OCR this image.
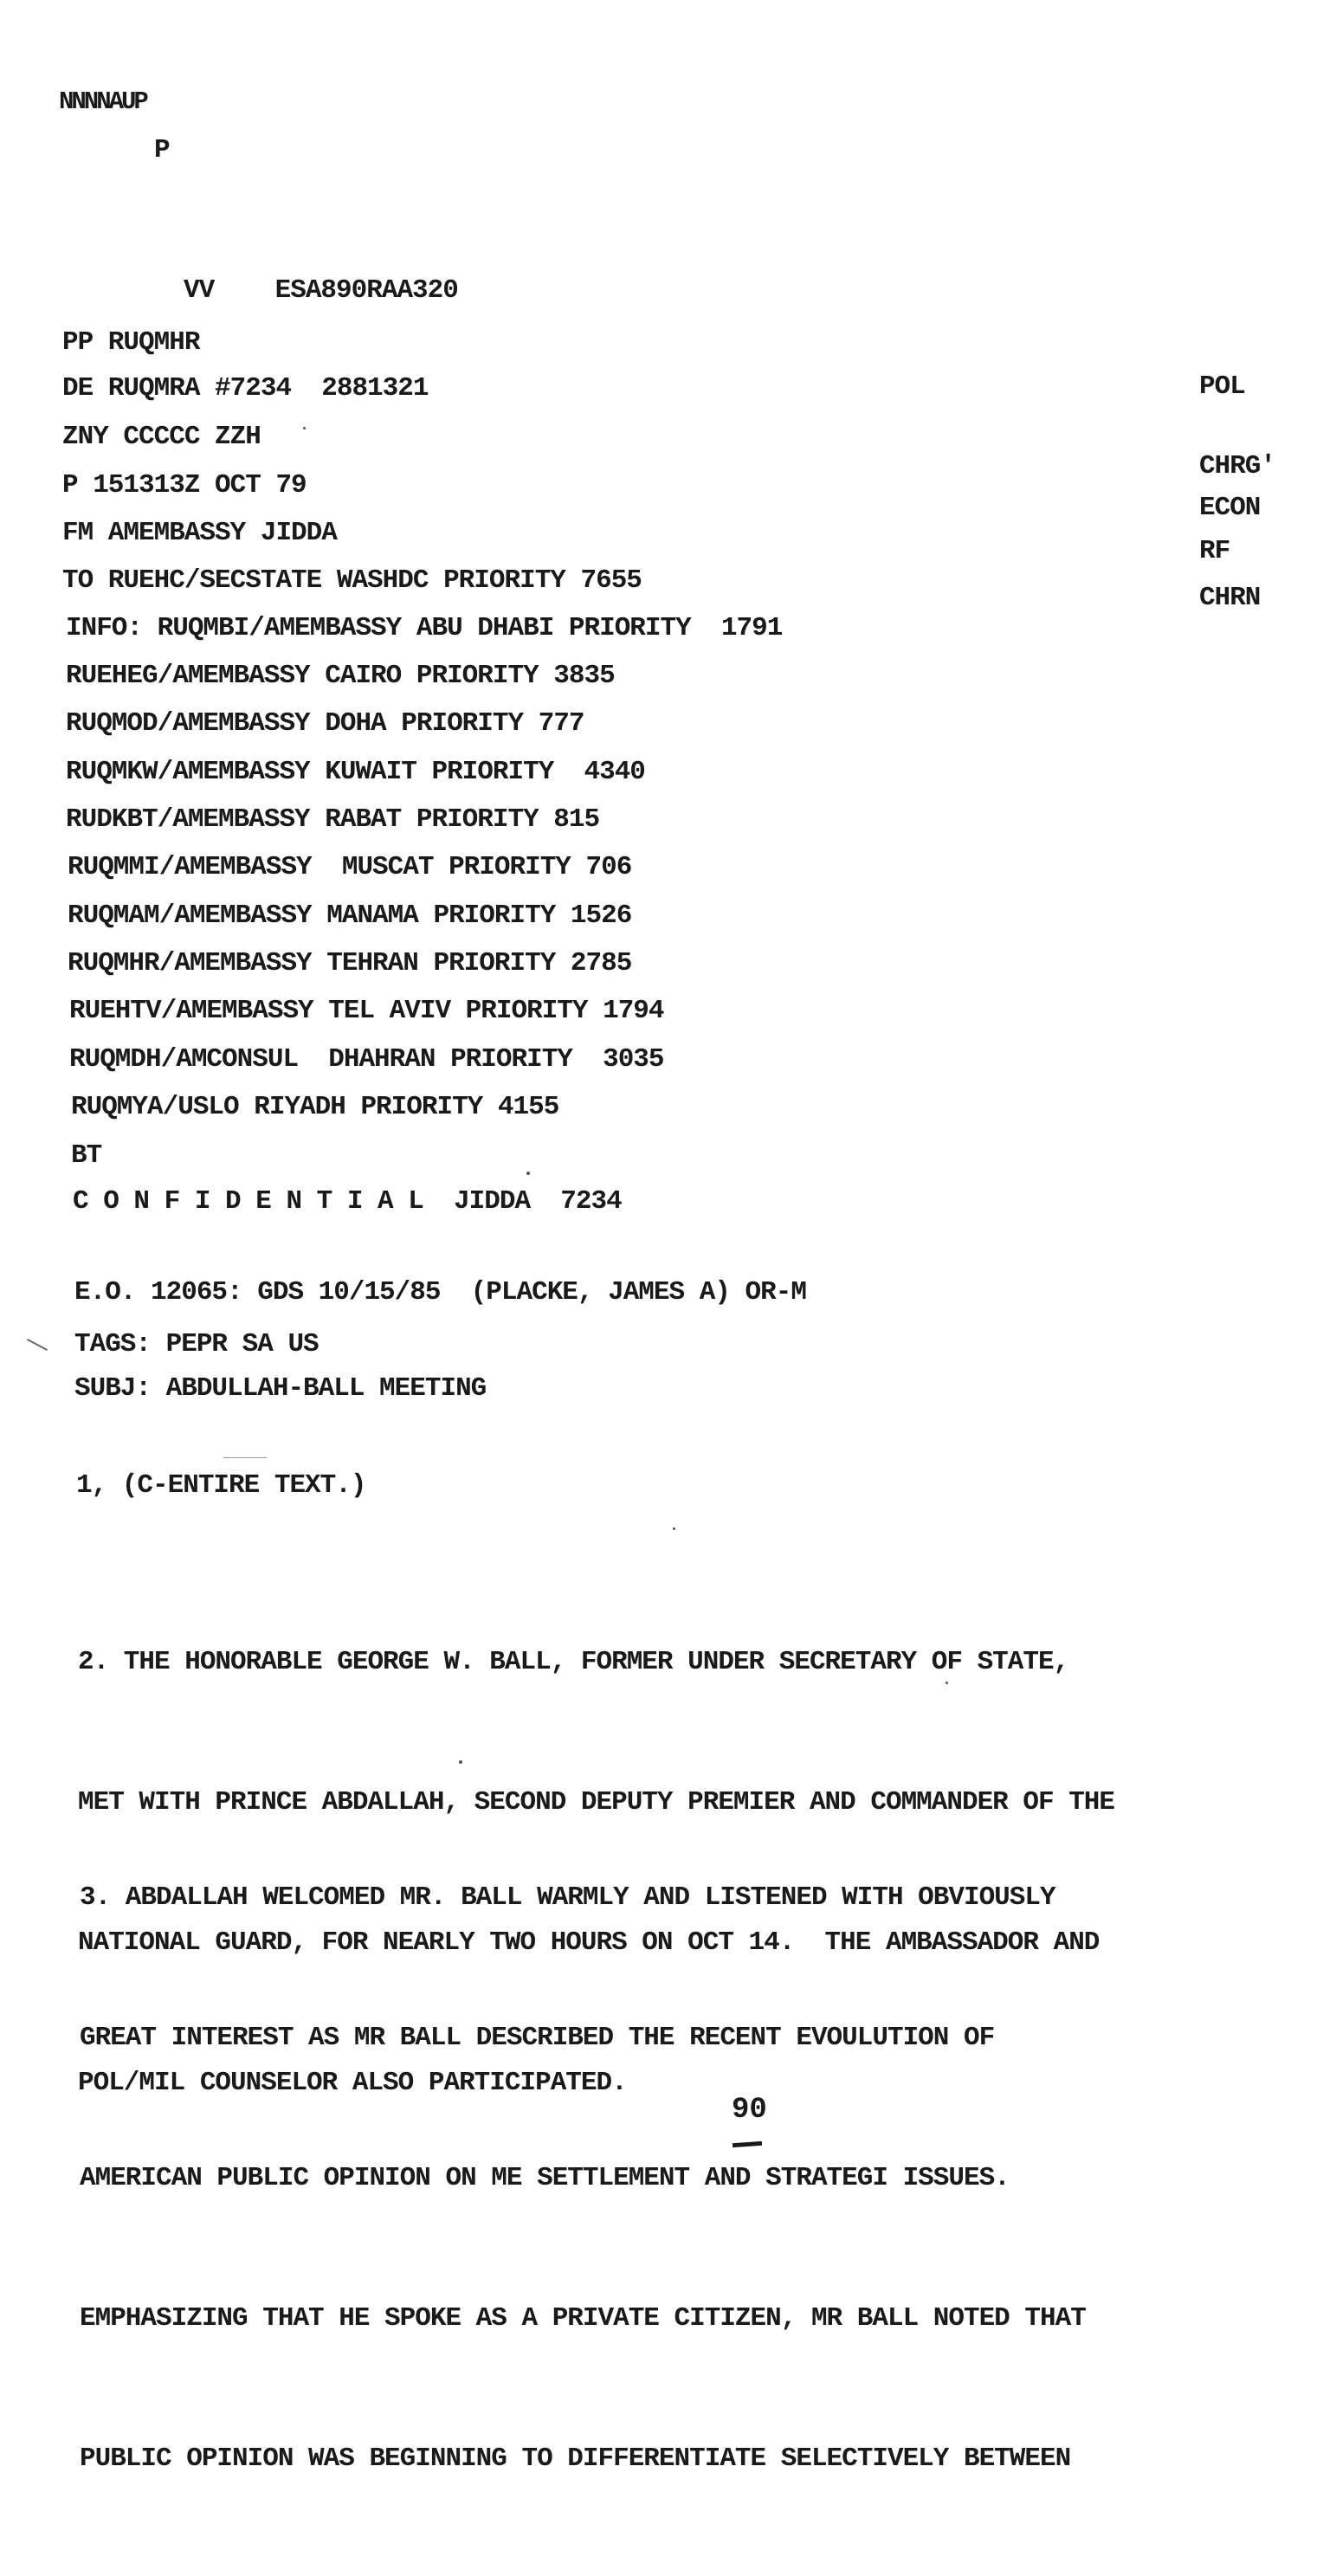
NNNNAUP
P
VV    ESA890RAA320
PP RUQMHR
DE RUQMRA #7234  2881321
ZNY CCCCC ZZH
P 151313Z OCT 79
FM AMEMBASSY JIDDA
TO RUEHC/SECSTATE WASHDC PRIORITY 7655
INFO: RUQMBI/AMEMBASSY ABU DHABI PRIORITY  1791
RUEHEG/AMEMBASSY CAIRO PRIORITY 3835
RUQMOD/AMEMBASSY DOHA PRIORITY 777
RUQMKW/AMEMBASSY KUWAIT PRIORITY  4340
RUDKBT/AMEMBASSY RABAT PRIORITY 815
RUQMMI/AMEMBASSY  MUSCAT PRIORITY 706
RUQMAM/AMEMBASSY MANAMA PRIORITY 1526
RUQMHR/AMEMBASSY TEHRAN PRIORITY 2785
RUEHTV/AMEMBASSY TEL AVIV PRIORITY 1794
RUQMDH/AMCONSUL  DHAHRAN PRIORITY  3035
RUQMYA/USLO RIYADH PRIORITY 4155
POL
CHRG'
ECON
RF
CHRN
BT
C O N F I D E N T I A L  JIDDA  7234
E.O. 12065: GDS 10/15/85  (PLACKE, JAMES A) OR-M
TAGS: PEPR SA US
SUBJ: ABDULLAH-BALL MEETING
1, (C-ENTIRE TEXT.)

2. THE HONORABLE GEORGE W. BALL, FORMER UNDER SECRETARY OF STATE,

MET WITH PRINCE ABDALLAH, SECOND DEPUTY PREMIER AND COMMANDER OF THE

NATIONAL GUARD, FOR NEARLY TWO HOURS ON OCT 14.  THE AMBASSADOR AND

POL/MIL COUNSELOR ALSO PARTICIPATED.

3. ABDALLAH WELCOMED MR. BALL WARMLY AND LISTENED WITH OBVIOUSLY

GREAT INTEREST AS MR BALL DESCRIBED THE RECENT EVOULUTION OF

AMERICAN PUBLIC OPINION ON ME SETTLEMENT AND STRATEGI ISSUES.

EMPHASIZING THAT HE SPOKE AS A PRIVATE CITIZEN, MR BALL NOTED THAT

PUBLIC OPINION WAS BEGINNING TO DIFFERENTIATE SELECTIVELY BETWEEN

90
